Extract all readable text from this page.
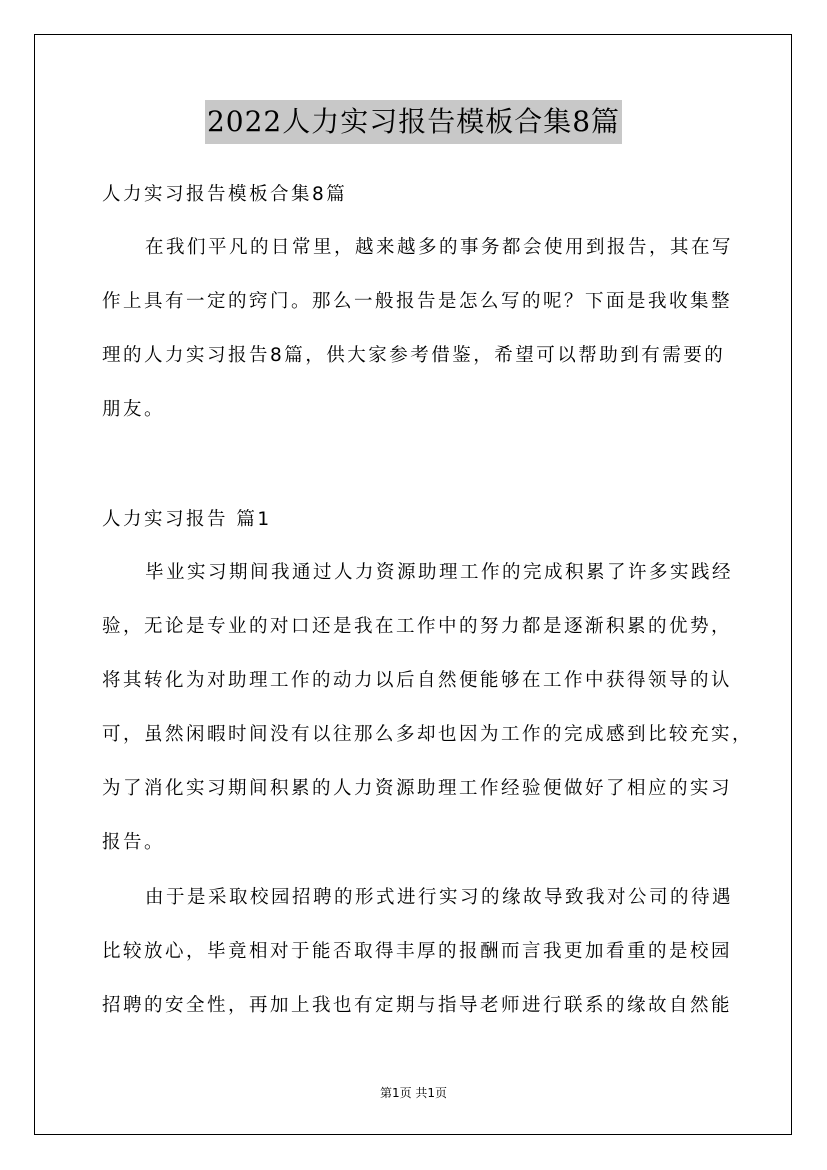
2022人力实习报告模板合集8篇
人力实习报告模板合集8篇
在我们平凡的日常里，越来越多的事务都会使用到报告，其在写
作上具有一定的窍门。那么一般报告是怎么写的呢？下面是我收集整
理的人力实习报告8篇，供大家参考借鉴，希望可以帮助到有需要的
朋友。
人力实习报告 篇1
毕业实习期间我通过人力资源助理工作的完成积累了许多实践经
验，无论是专业的对口还是我在工作中的努力都是逐渐积累的优势，
将其转化为对助理工作的动力以后自然便能够在工作中获得领导的认
可，虽然闲暇时间没有以往那么多却也因为工作的完成感到比较充实，
为了消化实习期间积累的人力资源助理工作经验便做好了相应的实习
报告。
由于是采取校园招聘的形式进行实习的缘故导致我对公司的待遇
比较放心，毕竟相对于能否取得丰厚的报酬而言我更加看重的是校园
招聘的安全性，再加上我也有定期与指导老师进行联系的缘故自然能
第1页 共1页
